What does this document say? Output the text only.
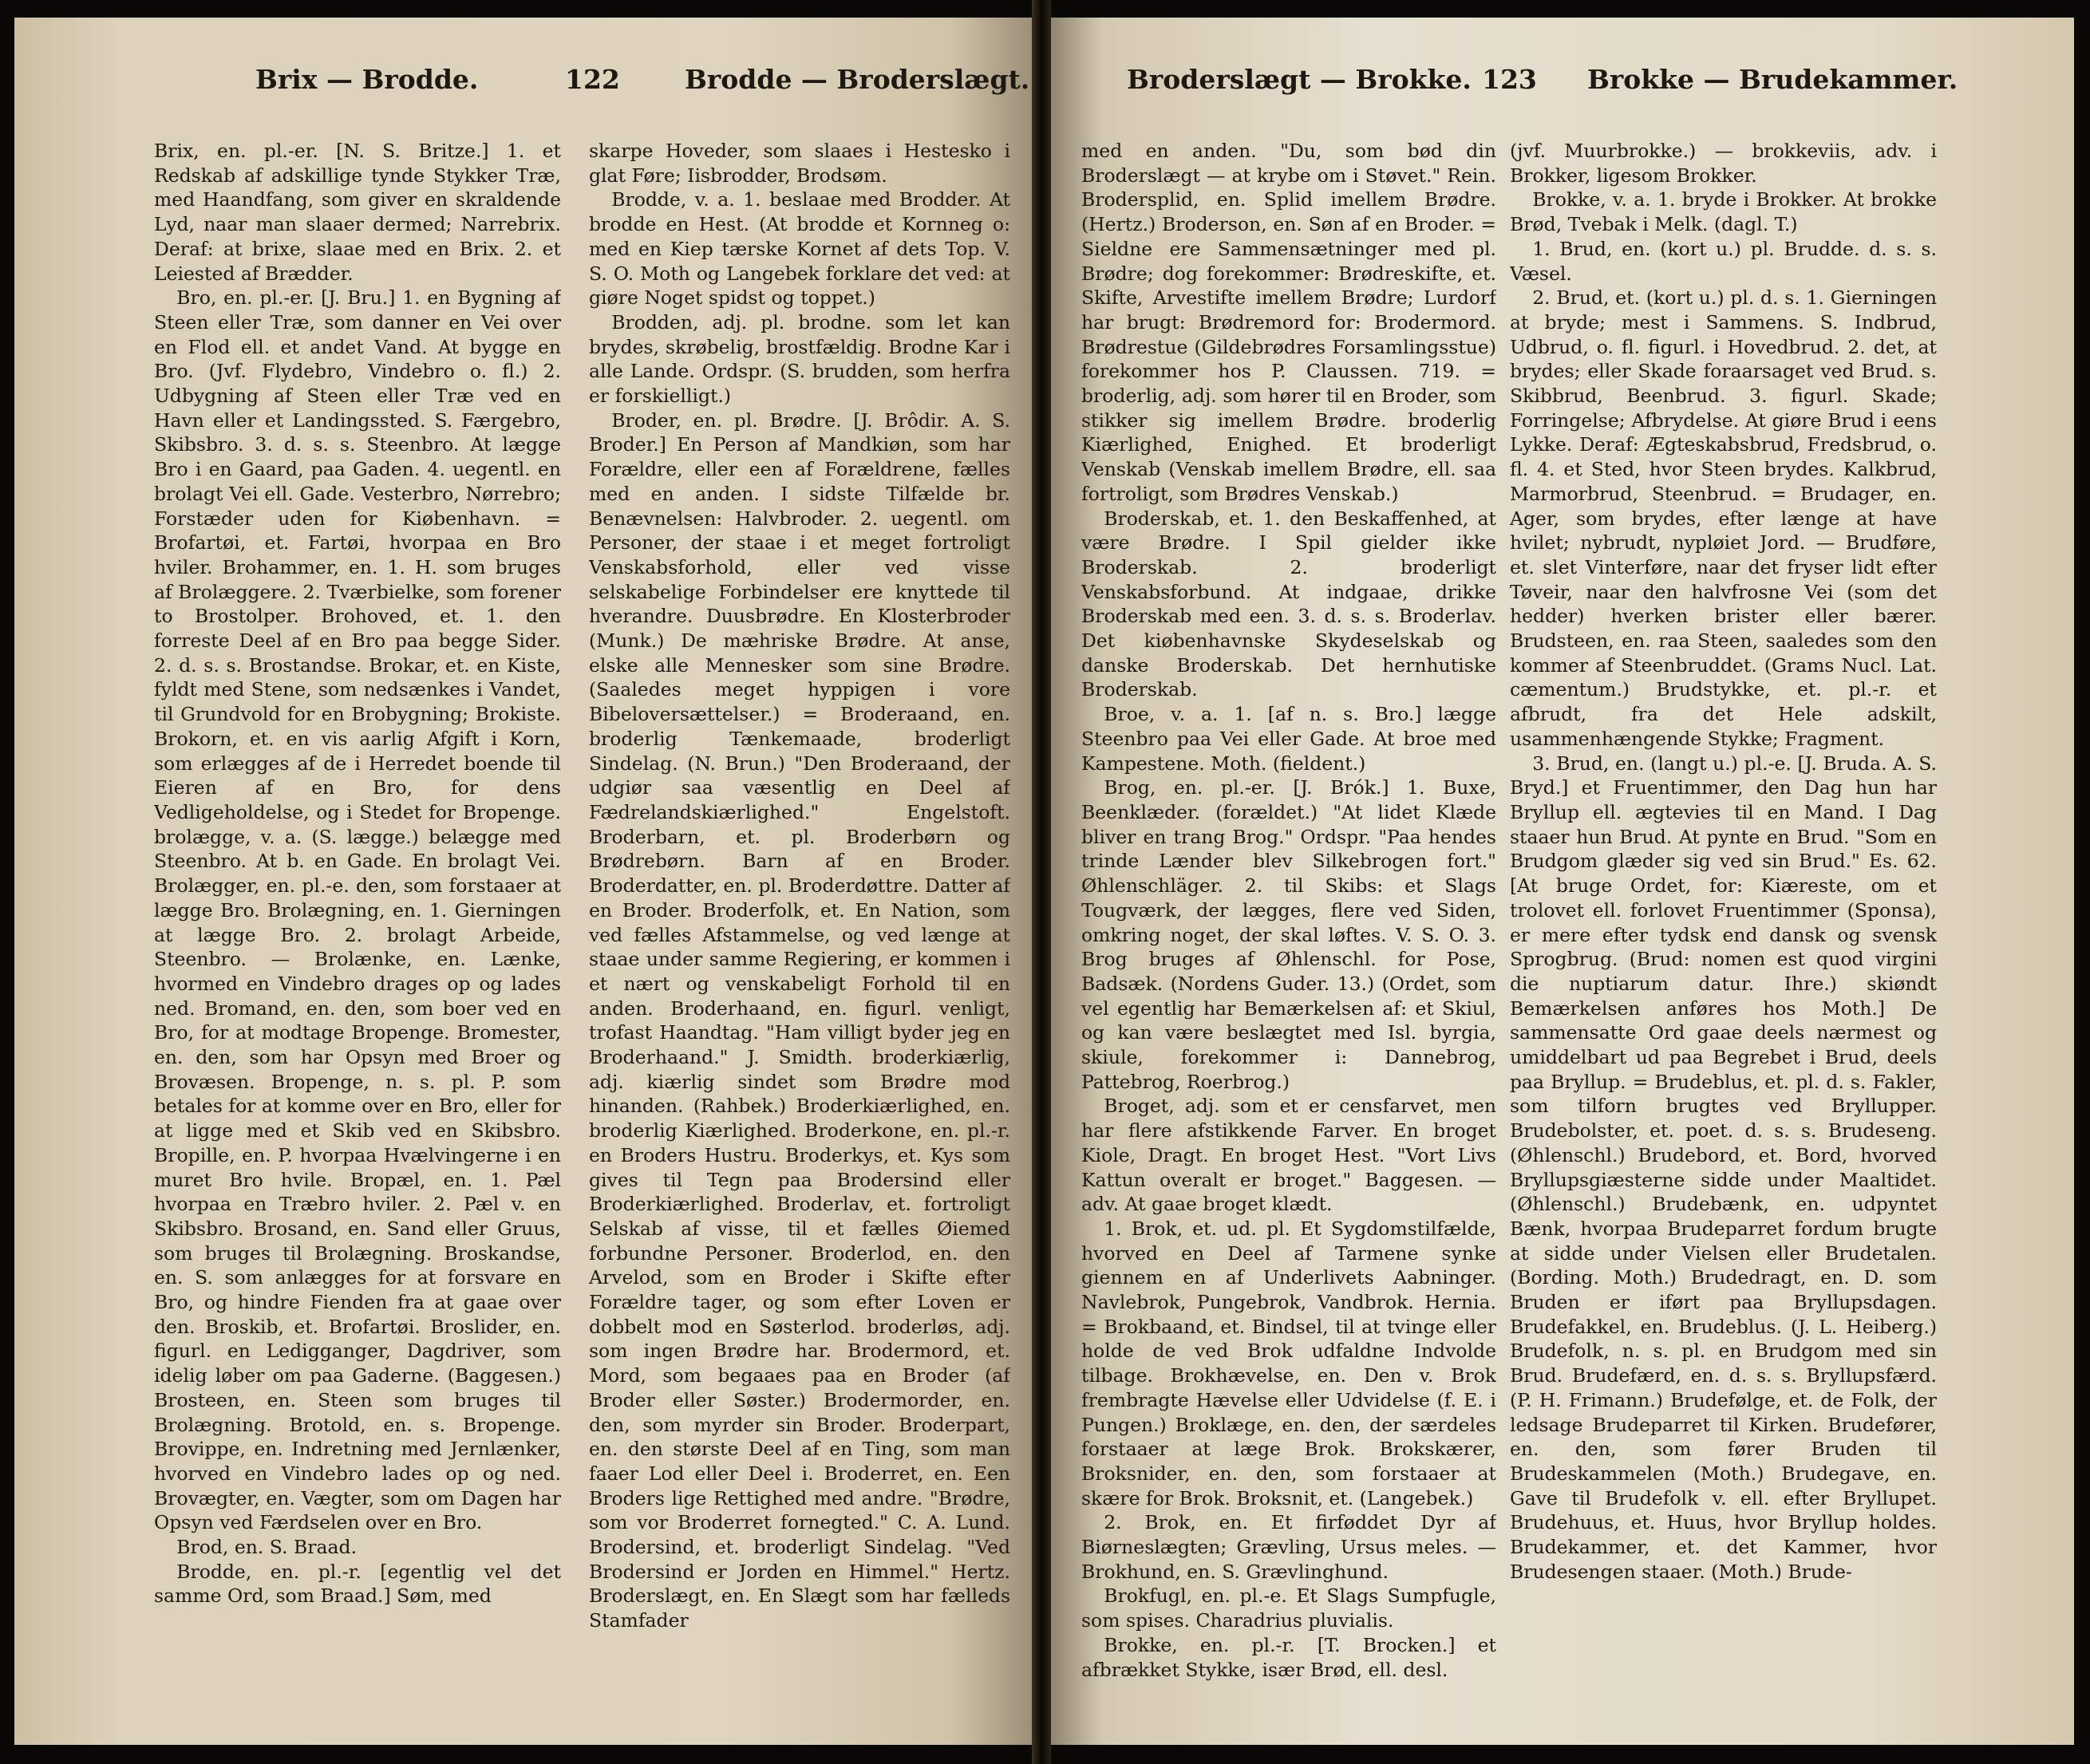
Brix — Brodde.	122 Brodde — Broderslægt.

Brix, en. pl.-er. [N. S. Britze.] 1. et Redskab af adskillige tynde Stykker Træ, med Haandfang, som giver en skraldende Lyd, naar man slaaer dermed; Narrebrix. Deraf: at brixe, slaae med en Brix. 2. et Leiested af Brædder.

Bro, en. pl.-er. [J. Bru.] 1. en Bygning af Steen eller Træ, som danner en Vei over en Flod ell. et andet Vand. At bygge en Bro. (Jvf. Flydebro, Vindebro o. fl.) 2. Udbygning af Steen eller Træ ved en Havn eller et Landingssted. S. Færgebro, Skibsbro. 3. d. s. s. Steenbro. At lægge Bro i en Gaard, paa Gaden. 4. uegentl. en brolagt Vei ell. Gade. Vesterbro, Nørrebro; Forstæder uden for Kiøbenhavn. = Brofartøi, et. Fartøi, hvorpaa en Bro hviler. Brohammer, en. 1. H. som bruges af Brolæggere. 2. Tværbielke, som forener to Brostolper. Brohoved, et. 1. den forreste Deel af en Bro paa begge Sider. 2. d. s. s. Brostandse. Brokar, et. en Kiste, fyldt med Stene, som nedsænkes i Vandet, til Grundvold for en Brobygning; Brokiste. Brokorn, et. en vis aarlig Afgift i Korn, som erlægges af de i Herredet boende til Eieren af en Bro, for dens Vedligeholdelse, og i Stedet for Bropenge. brolægge, v. a. (S. lægge.) belægge med Steenbro. At b. en Gade. En brolagt Vei. Brolægger, en. pl.-e. den, som forstaaer at lægge Bro. Brolægning, en. 1. Gierningen at lægge Bro. 2. brolagt Arbeide, Steenbro. — Brolænke, en. Lænke, hvormed en Vindebro drages op og lades ned. Bromand, en. den, som boer ved en Bro, for at modtage Bropenge. Bromester, en. den, som har Opsyn med Broer og Brovæsen. Bropenge, n. s. pl. P. som betales for at komme over en Bro, eller for at ligge med et Skib ved en Skibsbro. Bropille, en. P. hvorpaa Hvælvingerne i en muret Bro hvile. Bropæl, en. 1. Pæl hvorpaa en Træbro hviler. 2. Pæl v. en Skibsbro. Brosand, en. Sand eller Gruus, som bruges til Brolægning. Broskandse, en. S. som anlægges for at forsvare en Bro, og hindre Fienden fra at gaae over den. Broskib, et. Brofartøi. Broslider, en. figurl. en Ledigganger, Dagdriver, som idelig løber om paa Gaderne. (Baggesen.) Brosteen, en. Steen som bruges til Brolægning. Brotold, en. s. Bropenge. Brovippe, en. Indretning med Jernlænker, hvorved en Vindebro lades op og ned. Brovægter, en. Vægter, som om Dagen har Opsyn ved Færdselen over en Bro.

Brod, en. S. Braad.

Brodde, en. pl.-r. [egentlig vel det samme Ord, som Braad.] Søm, med

skarpe Hoveder, som slaaes i Hestesko i glat Føre; Iisbrodder, Brodsøm.

Brodde, v. a. 1. beslaae med Brodder. At brodde en Hest. (At brodde et Kornneg o: med en Kiep tærske Kornet af dets Top. V. S. O. Moth og Langebek forklare det ved: at giøre Noget spidst og toppet.)

Brodden, adj. pl. brodne. som let kan brydes, skrøbelig, brostfældig. Brodne Kar i alle Lande. Ordspr. (S. brudden, som herfra er forskielligt.)

Broder, en. pl. Brødre. [J. Brôdir. A. S. Broder.] En Person af Mandkiøn, som har Forældre, eller een af Forældrene, fælles med en anden. I sidste Tilfælde br. Benævnelsen: Halvbroder. 2. uegentl. om Personer, der staae i et meget fortroligt Venskabsforhold, eller ved visse selskabelige Forbindelser ere knyttede til hverandre. Duusbrødre. En Klosterbroder (Munk.) De mæhriske Brødre. At anse, elske alle Mennesker som sine Brødre. (Saaledes meget hyppigen i vore Bibeloversættelser.) = Broderaand, en. broderlig Tænkemaade, broderligt Sindelag. (N. Brun.) "Den Broderaand, der udgiør saa væsentlig en Deel af Fædrelandskiærlighed." Engelstoft. Broderbarn, et. pl. Broderbørn og Brødrebørn. Barn af en Broder. Broderdatter, en. pl. Broderdøttre. Datter af en Broder. Broderfolk, et. En Nation, som ved fælles Afstammelse, og ved længe at staae under samme Regiering, er kommen i et nært og venskabeligt Forhold til en anden. Broderhaand, en. figurl. venligt, trofast Haandtag. "Ham villigt byder jeg en Broderhaand." J. Smidth. broderkiærlig, adj. kiærlig sindet som Brødre mod hinanden. (Rahbek.) Broderkiærlighed, en. broderlig Kiærlighed. Broderkone, en. pl.-r. en Broders Hustru. Broderkys, et. Kys som gives til Tegn paa Brodersind eller Broderkiærlighed. Broderlav, et. fortroligt Selskab af visse, til et fælles Øiemed forbundne Personer. Broderlod, en. den Arvelod, som en Broder i Skifte efter Forældre tager, og som efter Loven er dobbelt mod en Søsterlod. broderløs, adj. som ingen Brødre har. Brodermord, et. Mord, som begaaes paa en Broder (af Broder eller Søster.) Brodermorder, en. den, som myrder sin Broder. Broderpart, en. den største Deel af en Ting, som man faaer Lod eller Deel i. Broderret, en. Een Broders lige Rettighed med andre. "Brødre, som vor Broderret fornegted." C. A. Lund. Brodersind, et. broderligt Sindelag. "Ved Brodersind er Jorden en Himmel." Hertz. Broderslægt, en. En Slægt som har fælleds Stamfader

Broderslægt — Brokke. 123 Brokke — Brudekammer.

med en anden. "Du, som bød din Broderslægt — at krybe om i Støvet." Rein. Brodersplid, en. Splid imellem Brødre. (Hertz.) Broderson, en. Søn af en Broder. = Sieldne ere Sammensætninger med pl. Brødre; dog forekommer: Brødreskifte, et. Skifte, Arvestifte imellem Brødre; Lurdorf har brugt: Brødremord for: Brodermord. Brødrestue (Gildebrødres Forsamlingsstue) forekommer hos P. Claussen. 719. = broderlig, adj. som hører til en Broder, som stikker sig imellem Brødre. broderlig Kiærlighed, Enighed. Et broderligt Venskab (Venskab imellem Brødre, ell. saa fortroligt, som Brødres Venskab.)

Broderskab, et. 1. den Beskaffenhed, at være Brødre. I Spil gielder ikke Broderskab. 2. broderligt Venskabsforbund. At indgaae, drikke Broderskab med een. 3. d. s. s. Broderlav. Det kiøbenhavnske Skydeselskab og danske Broderskab. Det hernhutiske Broderskab.

Broe, v. a. 1. [af n. s. Bro.] lægge Steenbro paa Vei eller Gade. At broe med Kampestene. Moth. (fieldent.)

Brog, en. pl.-er. [J. Brók.] 1. Buxe, Beenklæder. (forældet.) "At lidet Klæde bliver en trang Brog." Ordspr. "Paa hendes trinde Lænder blev Silkebrogen fort." Øhlenschläger. 2. til Skibs: et Slags Tougværk, der lægges, flere ved Siden, omkring noget, der skal løftes. V. S. O. 3. Brog bruges af Øhlenschl. for Pose, Badsæk. (Nordens Guder. 13.) (Ordet, som vel egentlig har Bemærkelsen af: et Skiul, og kan være beslægtet med Isl. byrgia, skiule, forekommer i: Dannebrog, Pattebrog, Roerbrog.)

Broget, adj. som et er censfarvet, men har flere afstikkende Farver. En broget Kiole, Dragt. En broget Hest. "Vort Livs Kattun overalt er broget." Baggesen. — adv. At gaae broget klædt.

1. Brok, et. ud. pl. Et Sygdomstilfælde, hvorved en Deel af Tarmene synke giennem en af Underlivets Aabninger. Navlebrok, Pungebrok, Vandbrok. Hernia. = Brokbaand, et. Bindsel, til at tvinge eller holde de ved Brok udfaldne Indvolde tilbage. Brokhævelse, en. Den v. Brok frembragte Hævelse eller Udvidelse (f. E. i Pungen.) Broklæge, en. den, der særdeles forstaaer at læge Brok. Brokskærer, Broksnider, en. den, som forstaaer at skære for Brok. Broksnit, et. (Langebek.)

2. Brok, en. Et firføddet Dyr af Biørneslægten; Grævling, Ursus meles. — Brokhund, en. S. Grævlinghund.

Brokfugl, en. pl.-e. Et Slags Sumpfugle, som spises. Charadrius pluvialis.

Brokke, en. pl.-r. [T. Brocken.] et afbrækket Stykke, især Brød, ell. desl.

(jvf. Muurbrokke.) — brokkeviis, adv. i Brokker, ligesom Brokker.

Brokke, v. a. 1. bryde i Brokker. At brokke Brød, Tvebak i Melk. (dagl. T.)

1. Brud, en. (kort u.) pl. Brudde. d. s. s. Væsel.

2. Brud, et. (kort u.) pl. d. s. 1. Gierningen at bryde; mest i Sammens. S. Indbrud, Udbrud, o. fl. figurl. i Hovedbrud. 2. det, at brydes; eller Skade foraarsaget ved Brud. s. Skibbrud, Beenbrud. 3. figurl. Skade; Forringelse; Afbrydelse. At giøre Brud i eens Lykke. Deraf: Ægteskabsbrud, Fredsbrud, o. fl. 4. et Sted, hvor Steen brydes. Kalkbrud, Marmorbrud, Steenbrud. = Brudager, en. Ager, som brydes, efter længe at have hvilet; nybrudt, nypløiet Jord. — Brudføre, et. slet Vinterføre, naar det fryser lidt efter Tøveir, naar den halvfrosne Vei (som det hedder) hverken brister eller bærer. Brudsteen, en. raa Steen, saaledes som den kommer af Steenbruddet. (Grams Nucl. Lat. cæmentum.) Brudstykke, et. pl.-r. et afbrudt, fra det Hele adskilt, usammenhængende Stykke; Fragment.

3. Brud, en. (langt u.) pl.-e. [J. Bruda. A. S. Bryd.] et Fruentimmer, den Dag hun har Bryllup ell. ægtevies til en Mand. I Dag staaer hun Brud. At pynte en Brud. "Som en Brudgom glæder sig ved sin Brud." Es. 62. [At bruge Ordet, for: Kiæreste, om et trolovet ell. forlovet Fruentimmer (Sponsa), er mere efter tydsk end dansk og svensk Sprogbrug. (Brud: nomen est quod virgini die nuptiarum datur. Ihre.) skiøndt Bemærkelsen anføres hos Moth.] De sammensatte Ord gaae deels nærmest og umiddelbart ud paa Begrebet i Brud, deels paa Bryllup. = Brudeblus, et. pl. d. s. Fakler, som tilforn brugtes ved Bryllupper. Brudebolster, et. poet. d. s. s. Brudeseng. (Øhlenschl.) Brudebord, et. Bord, hvorved Bryllupsgiæsterne sidde under Maaltidet. (Øhlenschl.) Brudebænk, en. udpyntet Bænk, hvorpaa Brudeparret fordum brugte at sidde under Vielsen eller Brudetalen. (Bording. Moth.) Brudedragt, en. D. som Bruden er iført paa Bryllupsdagen. Brudefakkel, en. Brudeblus. (J. L. Heiberg.) Brudefolk, n. s. pl. en Brudgom med sin Brud. Brudefærd, en. d. s. s. Bryllupsfærd. (P. H. Frimann.) Brudefølge, et. de Folk, der ledsage Brudeparret til Kirken. Brudefører, en. den, som fører Bruden til Brudeskammelen (Moth.) Brudegave, en. Gave til Brudefolk v. ell. efter Bryllupet. Brudehuus, et. Huus, hvor Bryllup holdes. Brudekammer, et. det Kammer, hvor Brudesengen staaer. (Moth.) Brude-
